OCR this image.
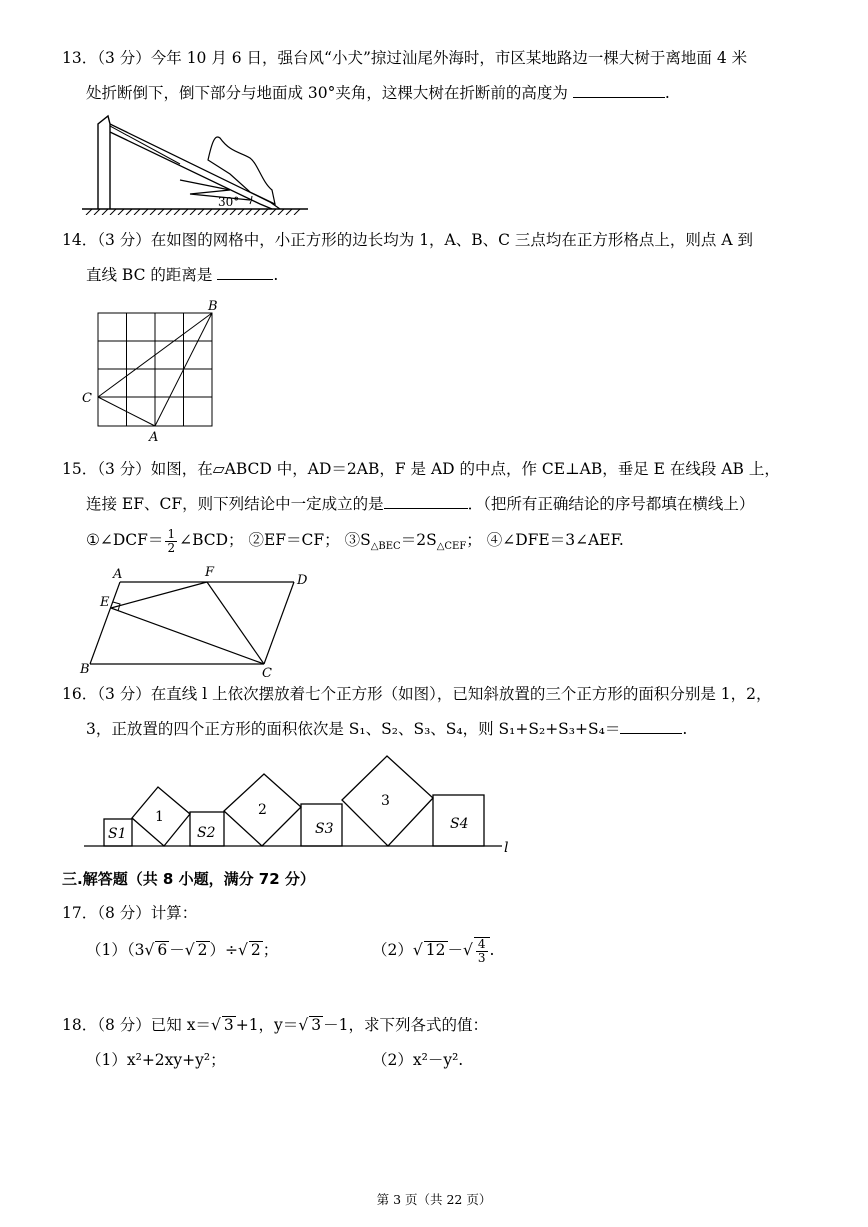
13．（3 分）今年 10 月 6 日，强台风“小犬”掠过汕尾外海时，市区某地路边一棵大树于离地面 4 米
处折断倒下，倒下部分与地面成 30°夹角，这棵大树在折断前的高度为	.
30°
14．（3 分）在如图的网格中，小正方形的边长均为 1，A、B、C 三点均在正方形格点上，则点 A 到
直线 BC 的距离是	.
B
C
A
15．（3 分）如图，在▱ABCD 中，AD＝2AB，F 是 AD 的中点，作 CE⊥AB，垂足 E 在线段 AB 上，
连接 EF、CF，则下列结论中一定成立的是	．（把所有正确结论的序号都填在横线上）
①∠DCF＝ $\frac{1}{2}$ ∠BCD； ②EF＝CF； $③S_{\triangle BEC}=2S_{\triangle CEF}$； ④∠DFE＝3∠AEF.
A	F
D
E
B	C
16．（3 分）在直线 l 上依次摆放着七个正方形（如图），已知斜放置的三个正方形的面积分别是 1，2，
3，正放置的四个正方形的面积依次是 S₁、S₂、S₃、S₄，则 S₁+S₂+S₃+S₄＝	.
S1	S2	S3	S4
l
1	2
3
三.解答题（共 8 小题，满分 72 分）
17．（8 分）计算：
（1）（3√ 6 －√ 2 ）÷√ 2 ；	（2）√ 12 －√ $\frac{4}{3}$ .
18．（8 分）已知 x＝√ 3 +1，y＝√ 3 －1，求下列各式的值：
（1）x²+2xy+y²；	（2）x²－y².
第 3 页（共 22 页）
